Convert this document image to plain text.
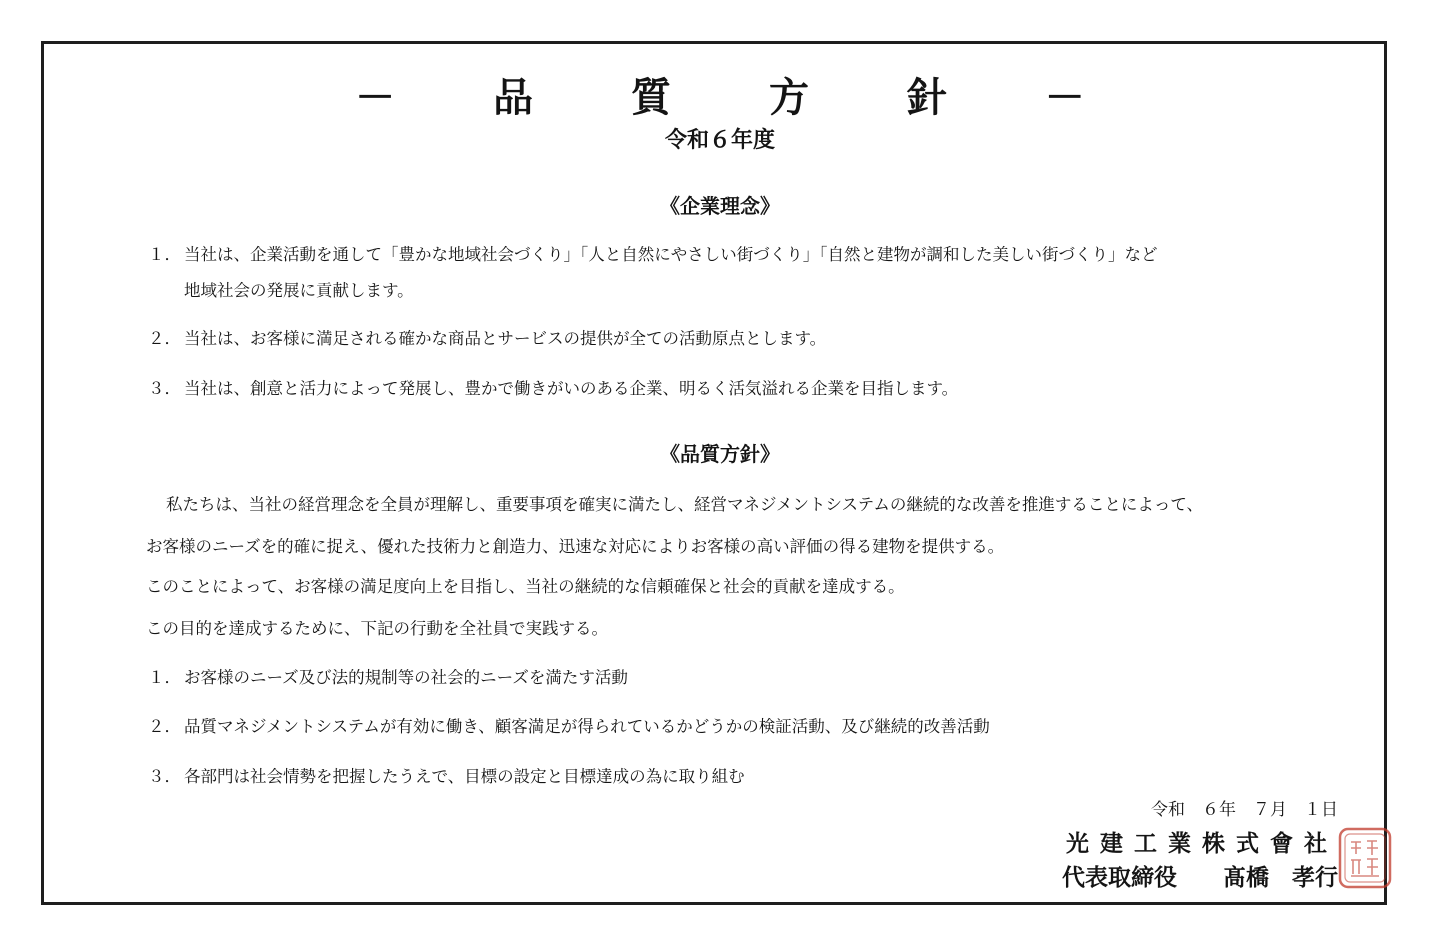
－ 品 質 方 針 －
令和６年度
《企業理念》
１． 当社は、企業活動を通して「豊かな地域社会づくり」「人と自然にやさしい街づくり」「自然と建物が調和した美しい街づくり」など
地域社会の発展に貢献します。
２． 当社は、お客様に満足される確かな商品とサービスの提供が全ての活動原点とします。
３． 当社は、創意と活力によって発展し、豊かで働きがいのある企業、明るく活気溢れる企業を目指します。
《品質方針》
私たちは、当社の経営理念を全員が理解し、重要事項を確実に満たし、経営マネジメントシステムの継続的な改善を推進することによって、
お客様のニーズを的確に捉え、優れた技術力と創造力、迅速な対応によりお客様の高い評価の得る建物を提供する。
このことによって、お客様の満足度向上を目指し、当社の継続的な信頼確保と社会的貢献を達成する。
この目的を達成するために、下記の行動を全社員で実践する。
１． お客様のニーズ及び法的規制等の社会的ニーズを満たす活動
２． 品質マネジメントシステムが有効に働き、顧客満足が得られているかどうかの検証活動、及び継続的改善活動
３． 各部門は社会情勢を把握したうえで、目標の設定と目標達成の為に取り組む
令和　６年　７月　１日
光建工業株式會社
代表取締役　　髙橋　孝行
